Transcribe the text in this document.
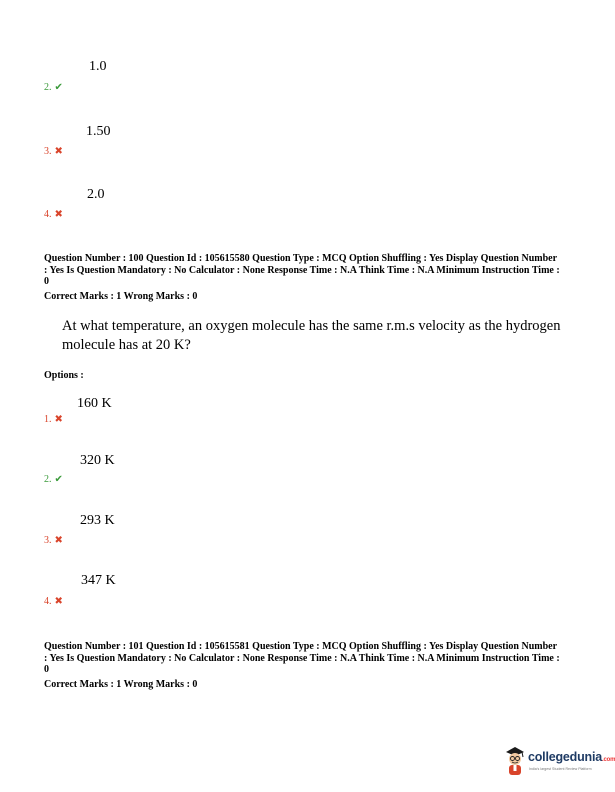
1.0
2. ✔
1.50
3. ✖
2.0
4. ✖
Question Number : 100 Question Id : 105615580 Question Type : MCQ Option Shuffling : Yes Display Question Number
: Yes Is Question Mandatory : No Calculator : None Response Time : N.A Think Time : N.A Minimum Instruction Time :
0
Correct Marks : 1 Wrong Marks : 0
At what temperature, an oxygen molecule has the same r.m.s velocity as the hydrogen
molecule has at 20 K?
Options :
160 K
1. ✖
320 K
2. ✔
293 K
3. ✖
347 K
4. ✖
Question Number : 101 Question Id : 105615581 Question Type : MCQ Option Shuffling : Yes Display Question Number
: Yes Is Question Mandatory : No Calculator : None Response Time : N.A Think Time : N.A Minimum Instruction Time :
0
Correct Marks : 1 Wrong Marks : 0
collegedunia.com
India's largest Student Review Platform
